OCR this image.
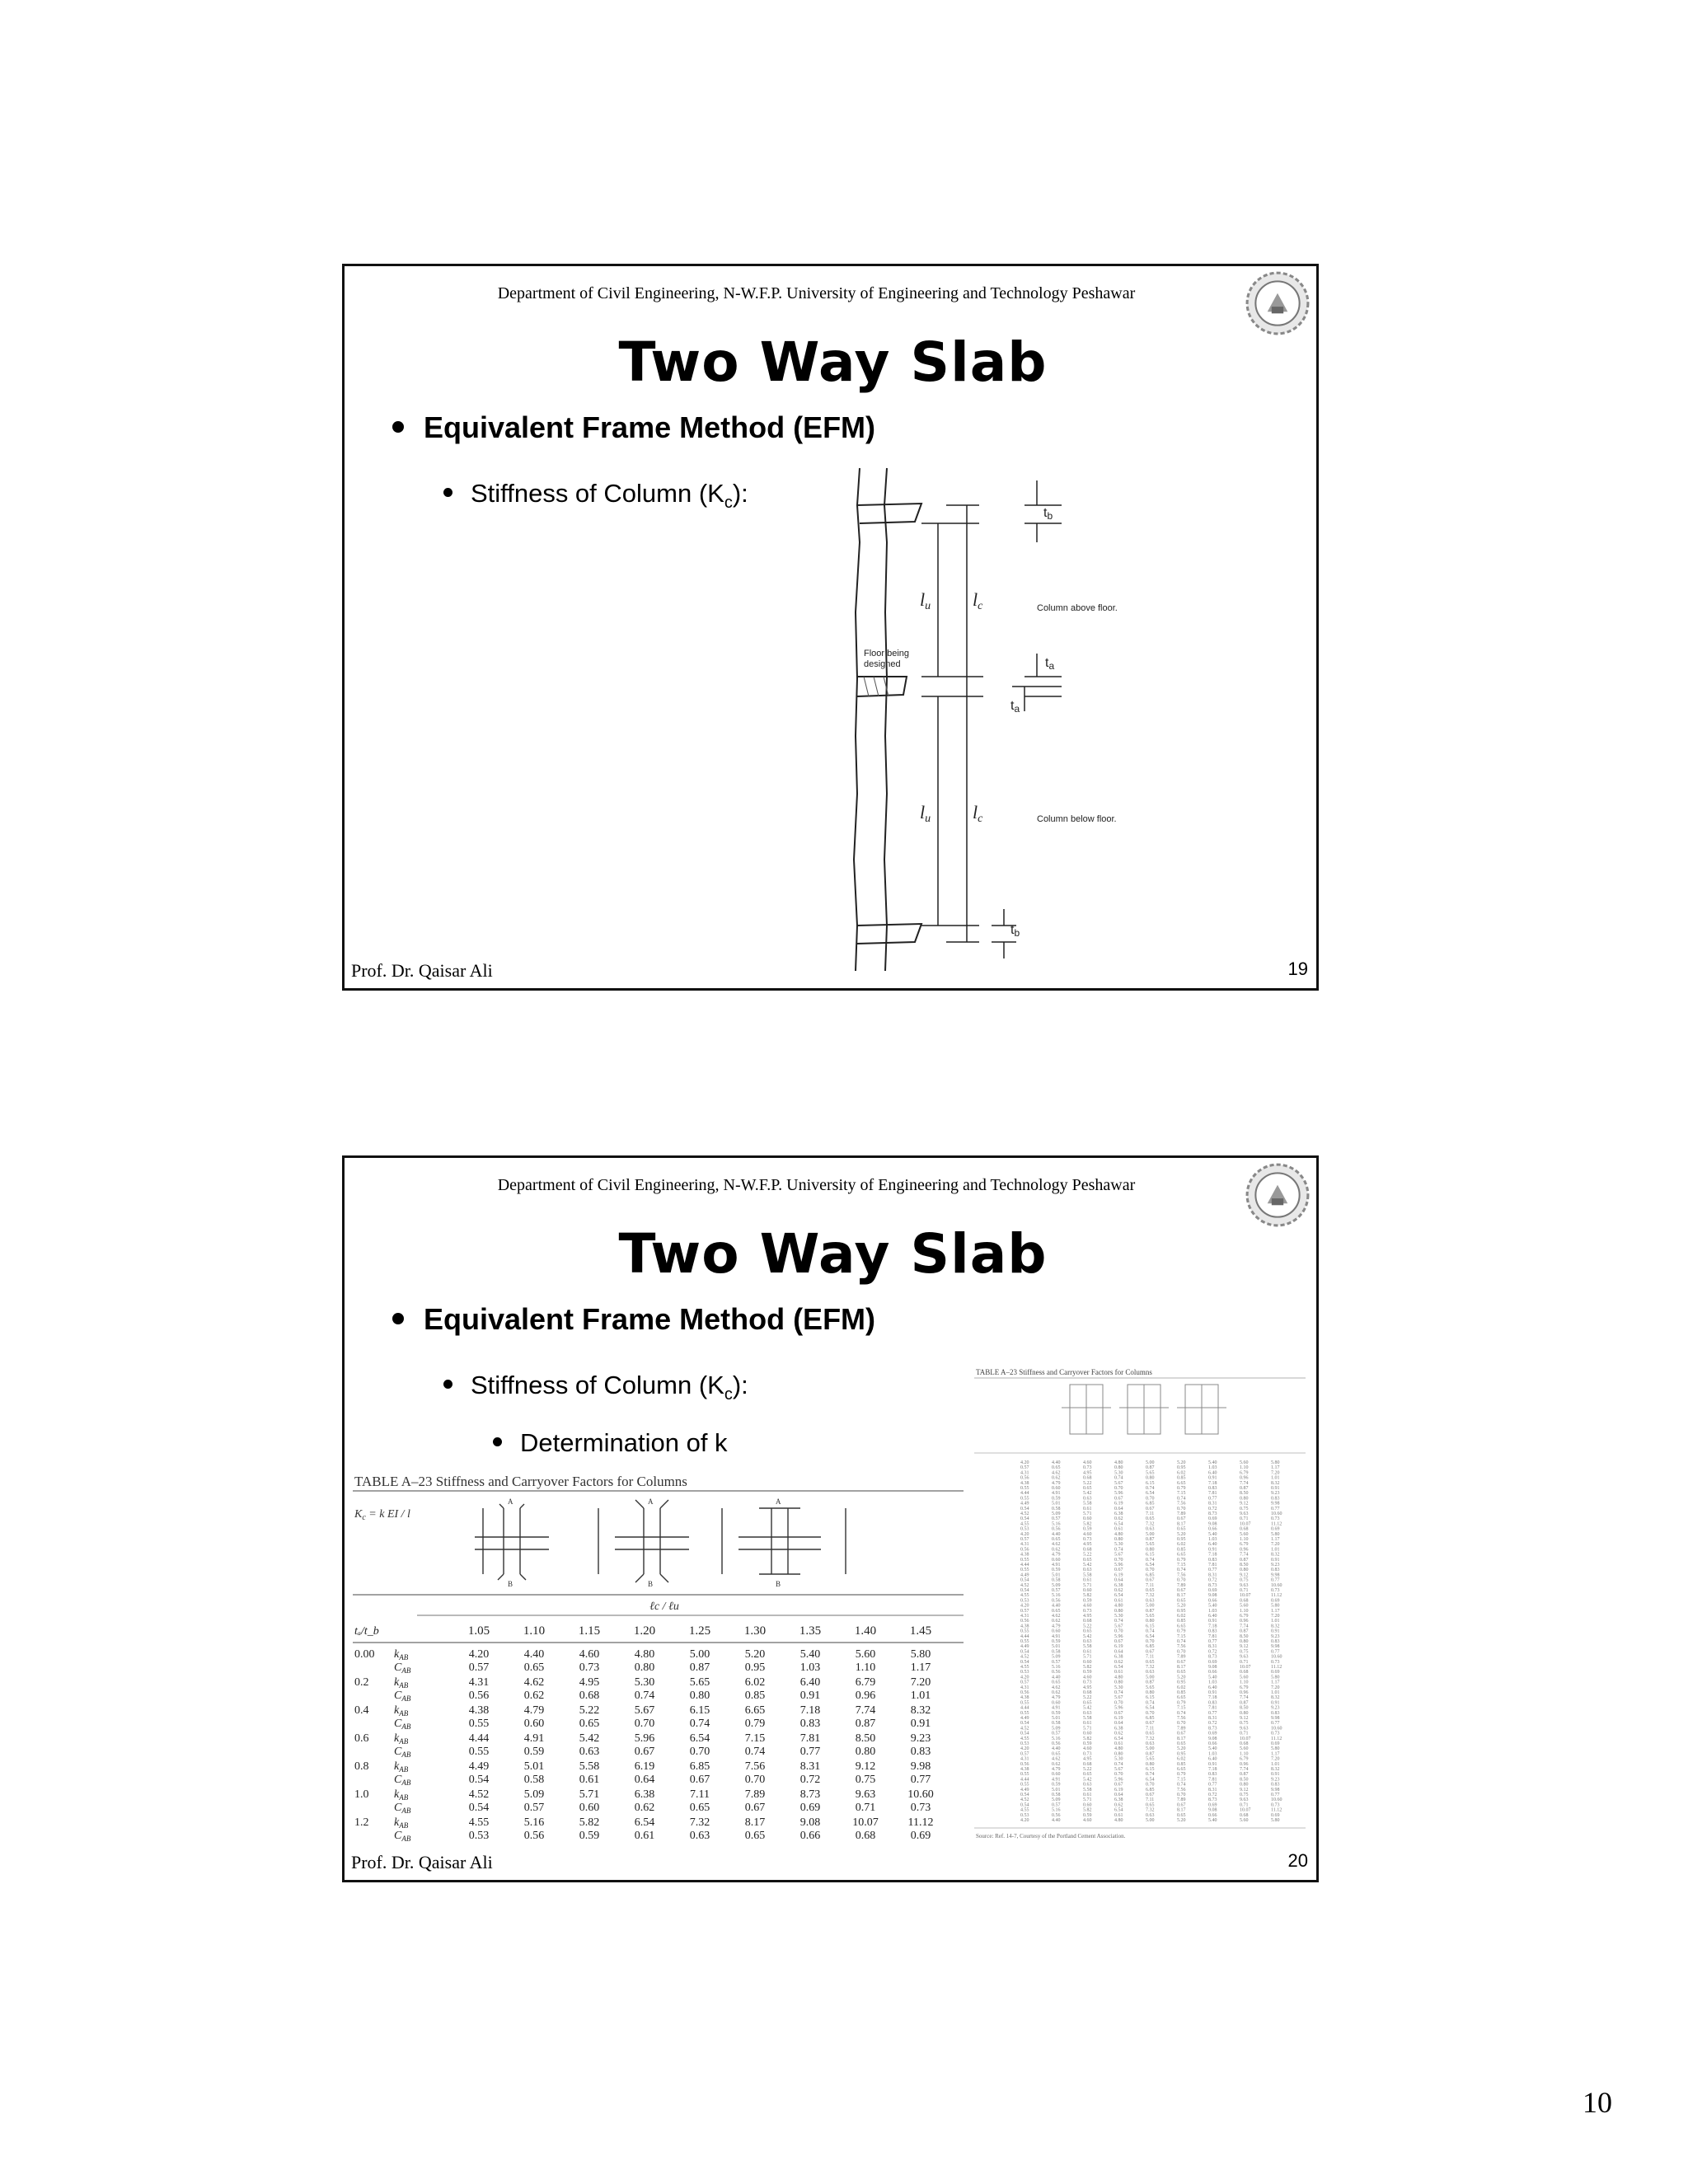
Department of Civil Engineering, N-W.F.P. University of Engineering and Technology Peshawar
Two Way Slab
Equivalent Frame Method (EFM)
Stiffness of Column $(K_c)$:
lu lc
lu lc
tb
ta
ta
tb
Column above floor.
Column below floor.
Floor being
designed
Prof. Dr. Qaisar Ali	19
Department of Civil Engineering, N-W.F.P. University of Engineering and Technology Peshawar
Two Way Slab
Equivalent Frame Method (EFM)
Stiffness of Column $(K_c)$:
Determination of k
TABLE A–23 Stiffness and Carryover Factors for Columns
4.20	4.40	4.60	4.80	5.00	5.20	5.40	5.60	5.80
0.57	0.65	0.73	0.80	0.87	0.95	1.03	1.10	1.17
4.31	4.62	4.95	5.30	5.65	6.02	6.40	6.79	7.20
0.56	0.62	0.68	0.74	0.80	0.85	0.91	0.96	1.01
4.38	4.79	5.22	5.67	6.15	6.65	7.18	7.74	8.32
0.55	0.60	0.65	0.70	0.74	0.79	0.83	0.87	0.91
4.44	4.91	5.42	5.96	6.54	7.15	7.81	8.50	9.23
0.55	0.59	0.63	0.67	0.70	0.74	0.77	0.80	0.83
4.49	5.01	5.58	6.19	6.85	7.56	8.31	9.12	9.98
0.54	0.58	0.61	0.64	0.67	0.70	0.72	0.75	0.77
4.52	5.09	5.71	6.38	7.11	7.89	8.73	9.63	10.60
0.54	0.57	0.60	0.62	0.65	0.67	0.69	0.71	0.73
4.55	5.16	5.82	6.54	7.32	8.17	9.08	10.07	11.12
0.53	0.56	0.59	0.61	0.63	0.65	0.66	0.68	0.69
4.20	4.40	4.60	4.80	5.00	5.20	5.40	5.60	5.80
0.57	0.65	0.73	0.80	0.87	0.95	1.03	1.10	1.17
4.31	4.62	4.95	5.30	5.65	6.02	6.40	6.79	7.20
0.56	0.62	0.68	0.74	0.80	0.85	0.91	0.96	1.01
4.38	4.79	5.22	5.67	6.15	6.65	7.18	7.74	8.32
0.55	0.60	0.65	0.70	0.74	0.79	0.83	0.87	0.91
4.44	4.91	5.42	5.96	6.54	7.15	7.81	8.50	9.23
0.55	0.59	0.63	0.67	0.70	0.74	0.77	0.80	0.83
4.49	5.01	5.58	6.19	6.85	7.56	8.31	9.12	9.98
0.54	0.58	0.61	0.64	0.67	0.70	0.72	0.75	0.77
4.52	5.09	5.71	6.38	7.11	7.89	8.73	9.63	10.60
0.54	0.57	0.60	0.62	0.65	0.67	0.69	0.71	0.73
4.55	5.16	5.82	6.54	7.32	8.17	9.08	10.07	11.12
0.53	0.56	0.59	0.61	0.63	0.65	0.66	0.68	0.69
4.20	4.40	4.60	4.80	5.00	5.20	5.40	5.60	5.80
0.57	0.65	0.73	0.80	0.87	0.95	1.03	1.10	1.17
4.31	4.62	4.95	5.30	5.65	6.02	6.40	6.79	7.20
0.56	0.62	0.68	0.74	0.80	0.85	0.91	0.96	1.01
4.38	4.79	5.22	5.67	6.15	6.65	7.18	7.74	8.32
0.55	0.60	0.65	0.70	0.74	0.79	0.83	0.87	0.91
4.44	4.91	5.42	5.96	6.54	7.15	7.81	8.50	9.23
0.55	0.59	0.63	0.67	0.70	0.74	0.77	0.80	0.83
4.49	5.01	5.58	6.19	6.85	7.56	8.31	9.12	9.98
0.54	0.58	0.61	0.64	0.67	0.70	0.72	0.75	0.77
4.52	5.09	5.71	6.38	7.11	7.89	8.73	9.63	10.60
0.54	0.57	0.60	0.62	0.65	0.67	0.69	0.71	0.73
4.55	5.16	5.82	6.54	7.32	8.17	9.08	10.07	11.12
0.53	0.56	0.59	0.61	0.63	0.65	0.66	0.68	0.69
4.20	4.40	4.60	4.80	5.00	5.20	5.40	5.60	5.80
0.57	0.65	0.73	0.80	0.87	0.95	1.03	1.10	1.17
4.31	4.62	4.95	5.30	5.65	6.02	6.40	6.79	7.20
0.56	0.62	0.68	0.74	0.80	0.85	0.91	0.96	1.01
4.38	4.79	5.22	5.67	6.15	6.65	7.18	7.74	8.32
0.55	0.60	0.65	0.70	0.74	0.79	0.83	0.87	0.91
4.44	4.91	5.42	5.96	6.54	7.15	7.81	8.50	9.23
0.55	0.59	0.63	0.67	0.70	0.74	0.77	0.80	0.83
4.49	5.01	5.58	6.19	6.85	7.56	8.31	9.12	9.98
0.54	0.58	0.61	0.64	0.67	0.70	0.72	0.75	0.77
4.52	5.09	5.71	6.38	7.11	7.89	8.73	9.63	10.60
0.54	0.57	0.60	0.62	0.65	0.67	0.69	0.71	0.73
4.55	5.16	5.82	6.54	7.32	8.17	9.08	10.07	11.12
0.53	0.56	0.59	0.61	0.63	0.65	0.66	0.68	0.69
4.20	4.40	4.60	4.80	5.00	5.20	5.40	5.60	5.80
0.57	0.65	0.73	0.80	0.87	0.95	1.03	1.10	1.17
4.31	4.62	4.95	5.30	5.65	6.02	6.40	6.79	7.20
0.56	0.62	0.68	0.74	0.80	0.85	0.91	0.96	1.01
4.38	4.79	5.22	5.67	6.15	6.65	7.18	7.74	8.32
0.55	0.60	0.65	0.70	0.74	0.79	0.83	0.87	0.91
4.44	4.91	5.42	5.96	6.54	7.15	7.81	8.50	9.23
0.55	0.59	0.63	0.67	0.70	0.74	0.77	0.80	0.83
4.49	5.01	5.58	6.19	6.85	7.56	8.31	9.12	9.98
0.54	0.58	0.61	0.64	0.67	0.70	0.72	0.75	0.77
4.52	5.09	5.71	6.38	7.11	7.89	8.73	9.63	10.60
0.54	0.57	0.60	0.62	0.65	0.67	0.69	0.71	0.73
4.55	5.16	5.82	6.54	7.32	8.17	9.08	10.07	11.12
0.53	0.56	0.59	0.61	0.63	0.65	0.66	0.68	0.69
4.20	4.40	4.60	4.80	5.00	5.20	5.40	5.60	5.80
Source: Ref. 14-7, Courtesy of the Portland Cement Association.
TABLE A–23 Stiffness and Carryover Factors for Columns
$K_c = k$ EI / l
A
B
A
B
A
B
ℓc / ℓu
tₐ/t_b	1.05	1.10	1.15	1.20	1.25	1.30	1.35	1.40	1.45
0.00 $k_{AB}$	4.20	4.40	4.60	4.80	5.00	5.20	5.40	5.60	5.80
$C_{AB}$	0.57	0.65	0.73	0.80	0.87	0.95	1.03	1.10	1.17
0.2 $k_{AB}$	4.31	4.62	4.95	5.30	5.65	6.02	6.40	6.79	7.20
$C_{AB}$	0.56	0.62	0.68	0.74	0.80	0.85	0.91	0.96	1.01
0.4 $k_{AB}$	4.38	4.79	5.22	5.67	6.15	6.65	7.18	7.74	8.32
$C_{AB}$	0.55	0.60	0.65	0.70	0.74	0.79	0.83	0.87	0.91
0.6 $k_{AB}$	4.44	4.91	5.42	5.96	6.54	7.15	7.81	8.50	9.23
$C_{AB}$	0.55	0.59	0.63	0.67	0.70	0.74	0.77	0.80	0.83
0.8 $k_{AB}$	4.49	5.01	5.58	6.19	6.85	7.56	8.31	9.12	9.98
$C_{AB}$	0.54	0.58	0.61	0.64	0.67	0.70	0.72	0.75	0.77
1.0 $k_{AB}$	4.52	5.09	5.71	6.38	7.11	7.89	8.73	9.63	10.60
$C_{AB}$	0.54	0.57	0.60	0.62	0.65	0.67	0.69	0.71	0.73
1.2 $k_{AB}$	4.55	5.16	5.82	6.54	7.32	8.17	9.08	10.07	11.12
$C_{AB}$	0.53	0.56	0.59	0.61	0.63	0.65	0.66	0.68	0.69
Prof. Dr. Qaisar Ali	20
10
